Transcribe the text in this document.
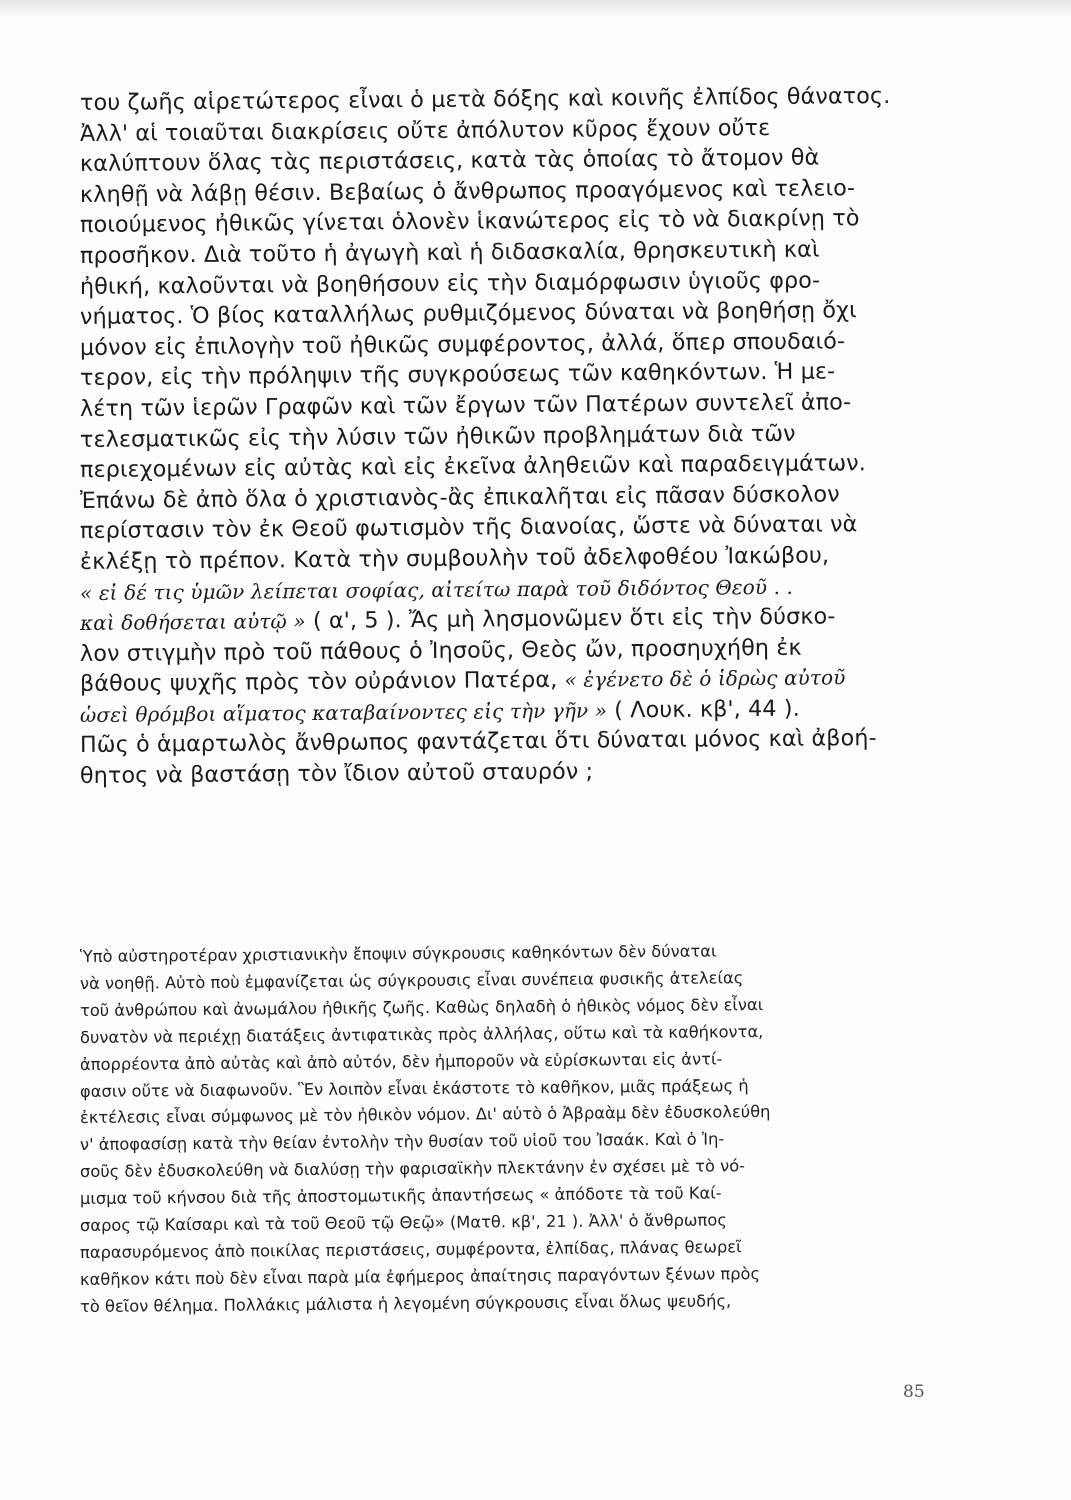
του ζωῆς αἱρετώτερος εἶναι ὁ μετὰ δόξης καὶ κοινῆς ἐλπίδος θάνατος.
Ἀλλ' αἱ τοιαῦται διακρίσεις οὔτε ἀπόλυτον κῦρος ἔχουν οὔτε
καλύπτουν ὅλας τὰς περιστάσεις, κατὰ τὰς ὁποίας τὸ ἄτομον θὰ
κληθῇ νὰ λάβῃ θέσιν. Βεβαίως ὁ ἄνθρωπος προαγόμενος καὶ τελειο-
ποιούμενος ἠθικῶς γίνεται ὁλονὲν ἱκανώτερος εἰς τὸ νὰ διακρίνῃ τὸ
προσῆκον. Διὰ τοῦτο ἡ ἀγωγὴ καὶ ἡ διδασκαλία, θρησκευτικὴ καὶ
ἠθική, καλοῦνται νὰ βοηθήσουν εἰς τὴν διαμόρφωσιν ὑγιοῦς φρο-
νήματος. Ὁ βίος καταλλήλως ρυθμιζόμενος δύναται νὰ βοηθήσῃ ὄχι
μόνον εἰς ἐπιλογὴν τοῦ ἠθικῶς συμφέροντος, ἀλλά, ὅπερ σπουδαιό-
τερον, εἰς τὴν πρόληψιν τῆς συγκρούσεως τῶν καθηκόντων. Ἡ με-
λέτη τῶν ἱερῶν Γραφῶν καὶ τῶν ἔργων τῶν Πατέρων συντελεῖ ἀπο-
τελεσματικῶς εἰς τὴν λύσιν τῶν ἠθικῶν προβλημάτων διὰ τῶν
περιεχομένων εἰς αὐτὰς καὶ εἰς ἐκεῖνα ἀληθειῶν καὶ παραδειγμάτων.
Ἐπάνω δὲ ἀπὸ ὅλα ὁ χριστιανὸς-ἂς ἐπικαλῆται εἰς πᾶσαν δύσκολον
περίστασιν τὸν ἐκ Θεοῦ φωτισμὸν τῆς διανοίας, ὥστε νὰ δύναται νὰ
ἐκλέξῃ τὸ πρέπον. Κατὰ τὴν συμβουλὴν τοῦ ἀδελφοθέου Ἰακώβου,
« εἰ δέ τις ὑμῶν λείπεται σοφίας, αἰτείτω παρὰ τοῦ διδόντος Θεοῦ . .
καὶ δοθήσεται αὐτῷ » ( α', 5 ). Ἄς μὴ λησμονῶμεν ὅτι εἰς τὴν δύσκο-
λον στιγμὴν πρὸ τοῦ πάθους ὁ Ἰησοῦς, Θεὸς ὤν, προσηυχήθη ἐκ
βάθους ψυχῆς πρὸς τὸν οὐράνιον Πατέρα, « ἐγένετο δὲ ὁ ἱδρὼς αὐτοῦ
ὡσεὶ θρόμβοι αἵματος καταβαίνοντες εἰς τὴν γῆν » ( Λουκ. κβ', 44 ).
Πῶς ὁ ἁμαρτωλὸς ἄνθρωπος φαντάζεται ὅτι δύναται μόνος καὶ ἀβοή-
θητος νὰ βαστάσῃ τὸν ἴδιον αὐτοῦ σταυρόν ;
Ὑπὸ αὐστηροτέραν χριστιανικὴν ἔποψιν σύγκρουσις καθηκόντων δὲν δύναται
νὰ νοηθῇ. Αὐτὸ ποὺ ἐμφανίζεται ὡς σύγκρουσις εἶναι συνέπεια φυσικῆς ἀτελείας
τοῦ ἀνθρώπου καὶ ἀνωμάλου ἠθικῆς ζωῆς. Καθὼς δηλαδὴ ὁ ἠθικὸς νόμος δὲν εἶναι
δυνατὸν νὰ περιέχῃ διατάξεις ἀντιφατικὰς πρὸς ἀλλήλας, οὕτω καὶ τὰ καθήκοντα,
ἀπορρέοντα ἀπὸ αὐτὰς καὶ ἀπὸ αὐτόν, δὲν ἠμποροῦν νὰ εὑρίσκωνται εἰς ἀντί-
φασιν οὔτε νὰ διαφωνοῦν. Ἓν λοιπὸν εἶναι ἑκάστοτε τὸ καθῆκον, μιᾶς πράξεως ἡ
ἐκτέλεσις εἶναι σύμφωνος μὲ τὸν ἠθικὸν νόμον. Δι' αὐτὸ ὁ Ἀβραὰμ δὲν ἐδυσκολεύθη
ν' ἀποφασίσῃ κατὰ τὴν θείαν ἐντολὴν τὴν θυσίαν τοῦ υἱοῦ του Ἰσαάκ. Καὶ ὁ Ἰη-
σοῦς δὲν ἐδυσκολεύθη νὰ διαλύσῃ τὴν φαρισαϊκὴν πλεκτάνην ἐν σχέσει μὲ τὸ νό-
μισμα τοῦ κήνσου διὰ τῆς ἀποστομωτικῆς ἀπαντήσεως « ἀπόδοτε τὰ τοῦ Καί-
σαρος τῷ Καίσαρι καὶ τὰ τοῦ Θεοῦ τῷ Θεῷ» (Ματθ. κβ', 21 ). Ἀλλ' ὁ ἄνθρωπος
παρασυρόμενος ἀπὸ ποικίλας περιστάσεις, συμφέροντα, ἐλπίδας, πλάνας θεωρεῖ
καθῆκον κάτι ποὺ δὲν εἶναι παρὰ μία ἐφήμερος ἀπαίτησις παραγόντων ξένων πρὸς
τὸ θεῖον θέλημα. Πολλάκις μάλιστα ἡ λεγομένη σύγκρουσις εἶναι ὅλως ψευδής,
85
